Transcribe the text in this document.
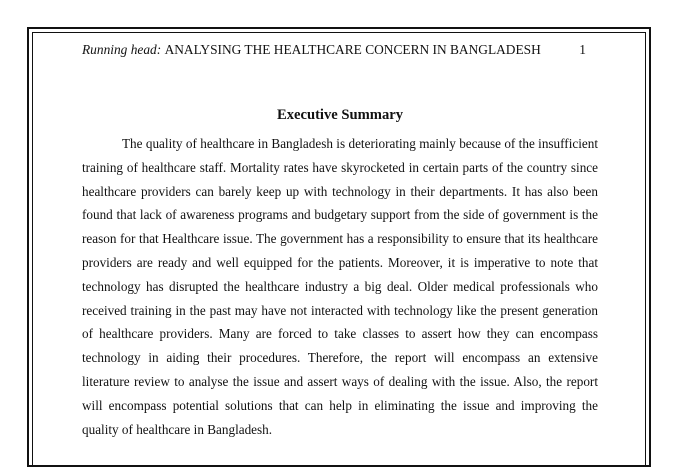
Running head: ANALYSING THE HEALTHCARE CONCERN IN BANGLADESH	1
Executive Summary

The quality of healthcare in Bangladesh is deteriorating mainly because of the insufficient training of healthcare staff. Mortality rates have skyrocketed in certain parts of the country since healthcare providers can barely keep up with technology in their departments. It has also been found that lack of awareness programs and budgetary support from the side of government is the reason for that Healthcare issue. The government has a responsibility to ensure that its healthcare providers are ready and well equipped for the patients. Moreover, it is imperative to note that technology has disrupted the healthcare industry a big deal. Older medical professionals who received training in the past may have not interacted with technology like the present generation of healthcare providers. Many are forced to take classes to assert how they can encompass technology in aiding their procedures. Therefore, the report will encompass an extensive literature review to analyse the issue and assert ways of dealing with the issue. Also, the report will encompass potential solutions that can help in eliminating the issue and improving the quality of healthcare in Bangladesh.
